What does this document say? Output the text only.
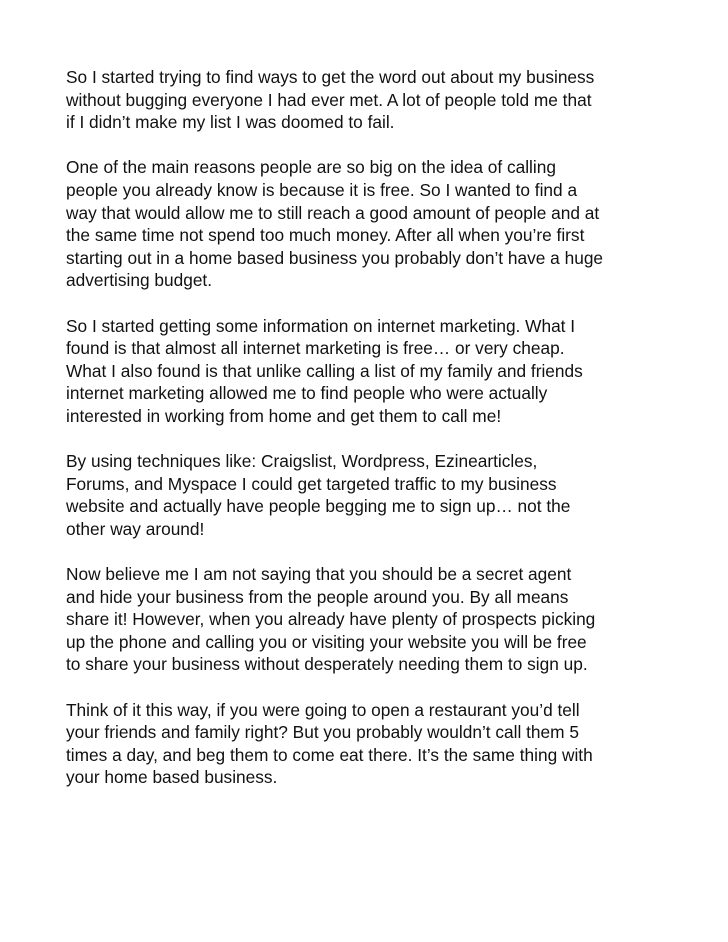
So I started trying to find ways to get the word out about my business
without bugging everyone I had ever met. A lot of people told me that
if I didn’t make my list I was doomed to fail.

One of the main reasons people are so big on the idea of calling
people you already know is because it is free. So I wanted to find a
way that would allow me to still reach a good amount of people and at
the same time not spend too much money. After all when you’re first
starting out in a home based business you probably don’t have a huge
advertising budget.

So I started getting some information on internet marketing. What I
found is that almost all internet marketing is free… or very cheap.
What I also found is that unlike calling a list of my family and friends
internet marketing allowed me to find people who were actually
interested in working from home and get them to call me!

By using techniques like: Craigslist, Wordpress, Ezinearticles,
Forums, and Myspace I could get targeted traffic to my business
website and actually have people begging me to sign up… not the
other way around!

Now believe me I am not saying that you should be a secret agent
and hide your business from the people around you. By all means
share it! However, when you already have plenty of prospects picking
up the phone and calling you or visiting your website you will be free
to share your business without desperately needing them to sign up.

Think of it this way, if you were going to open a restaurant you’d tell
your friends and family right? But you probably wouldn’t call them 5
times a day, and beg them to come eat there. It’s the same thing with
your home based business.
